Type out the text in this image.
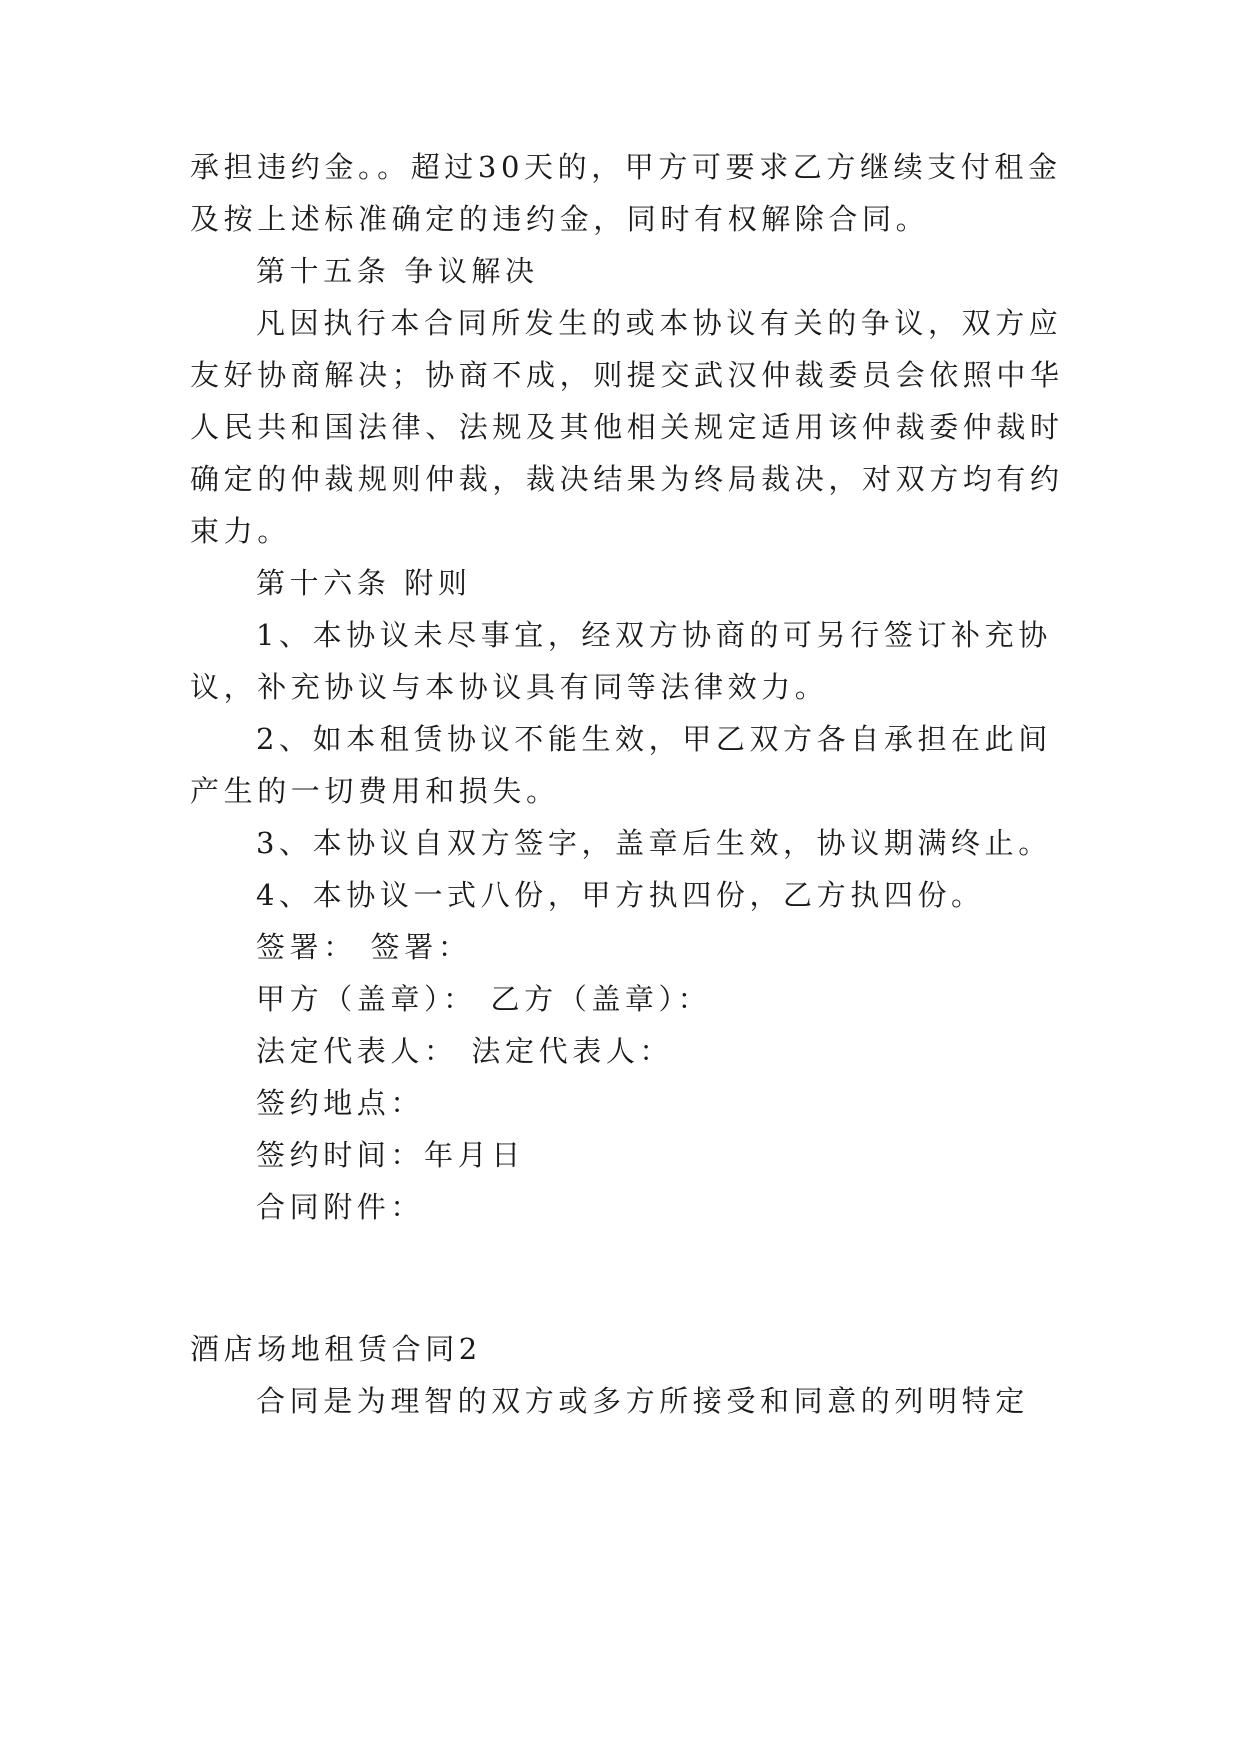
承担违约金。。超过30天的，甲方可要求乙方继续支付租金
及按上述标准确定的违约金，同时有权解除合同。
第十五条 争议解决
凡因执行本合同所发生的或本协议有关的争议，双方应
友好协商解决；协商不成，则提交武汉仲裁委员会依照中华
人民共和国法律、法规及其他相关规定适用该仲裁委仲裁时
确定的仲裁规则仲裁，裁决结果为终局裁决，对双方均有约
束力。
第十六条 附则
1、本协议未尽事宜，经双方协商的可另行签订补充协
议，补充协议与本协议具有同等法律效力。
2、如本租赁协议不能生效，甲乙双方各自承担在此间
产生的一切费用和损失。
3、本协议自双方签字，盖章后生效，协议期满终止。
4、本协议一式八份，甲方执四份，乙方执四份。
签署： 签署：
甲方（盖章）： 乙方（盖章）：
法定代表人： 法定代表人：
签约地点：
签约时间：年月日
合同附件：
酒店场地租赁合同2
合同是为理智的双方或多方所接受和同意的列明特定
